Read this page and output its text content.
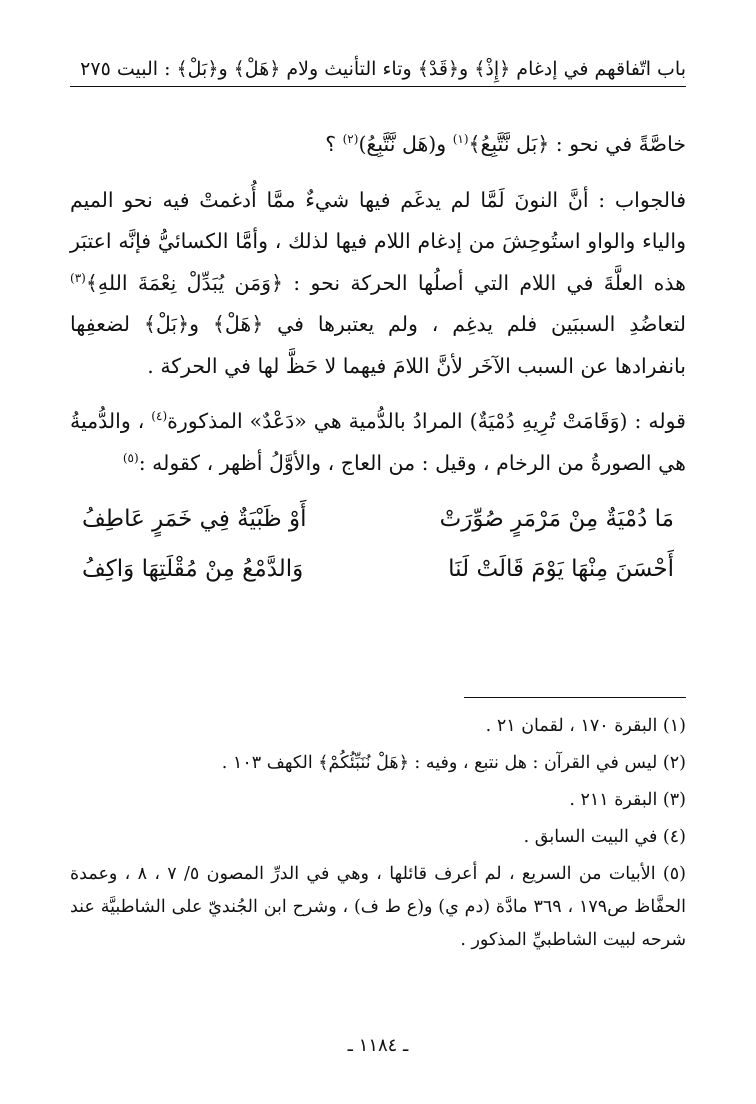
باب اتّفاقهم في إدغام ﴿إِذْ﴾ و﴿قَدْ﴾ وتاء التأنيث ولام ﴿هَلْ﴾ و﴿بَلْ﴾ : البيت ٢٧٥

خاصَّةً في نحو : ﴿بَل نَّتَّبِعُ﴾$^{(١)}$ و(هَل نَّتَّبِعُ)$^{(٢)}$ ؟

فالجواب : أنَّ النونَ لَمَّا لم يدغَم فيها شيءٌ ممَّا أُدغمتْ فيه نحو الميم والياء والواو استُوحِشَ من إدغام اللام فيها لذلك ، وأمَّا الكسائيُّ فإنَّه اعتبَر هذه العلَّةَ في اللام التي أصلُها الحركة نحو : ﴿وَمَن يُبَدِّلْ نِعْمَةَ اللهِ﴾$^{(٣)}$ لتعاضُدِ السببَين فلم يدغِم ، ولم يعتبرها في ﴿هَلْ﴾ و﴿بَلْ﴾ لضعفِها بانفرادها عن السبب الآخَر لأنَّ اللامَ فيهما لا حَظَّ لها في الحركة .

قوله : (وَقَامَتْ تُرِيهِ دُمْيَةٌ) المرادُ بالدُّمية هي «دَعْدٌ» المذكورة$^{(٤)}$ ، والدُّميةُ هي الصورةُ من الرخام ، وقيل : من العاج ، والأوَّلُ أظهر ، كقوله :$^{(٥)}$

مَا دُمْيَةٌ مِنْ مَرْمَرٍ صُوِّرَتْ
أَوْ ظَبْيَةٌ فِي خَمَرٍ عَاطِفُ
أَحْسَنَ مِنْهَا يَوْمَ قَالَتْ لَنَا
وَالدَّمْعُ مِنْ مُقْلَتِهَا وَاكِفُ

(١) البقرة ١٧٠ ، لقمان ٢١ .

(٢) ليس في القرآن : هل نتبع ، وفيه : ﴿هَلْ نُنَبِّئُكُمْ﴾ الكهف ١٠٣ .

(٣) البقرة ٢١١ .

(٤) في البيت السابق .

(٥) الأبيات من السريع ، لم أعرف قائلها ، وهي في الدرِّ المصون ٥/ ٧ ، ٨ ، وعمدة الحفَّاظ ص١٧٩ ، ٣٦٩ مادَّة (دم ي) و(ع ط ف) ، وشرح ابن الجُنديّ على الشاطبيَّة عند شرحه لبيت الشاطبيِّ المذكور .

ـ ١١٨٤ ـ
